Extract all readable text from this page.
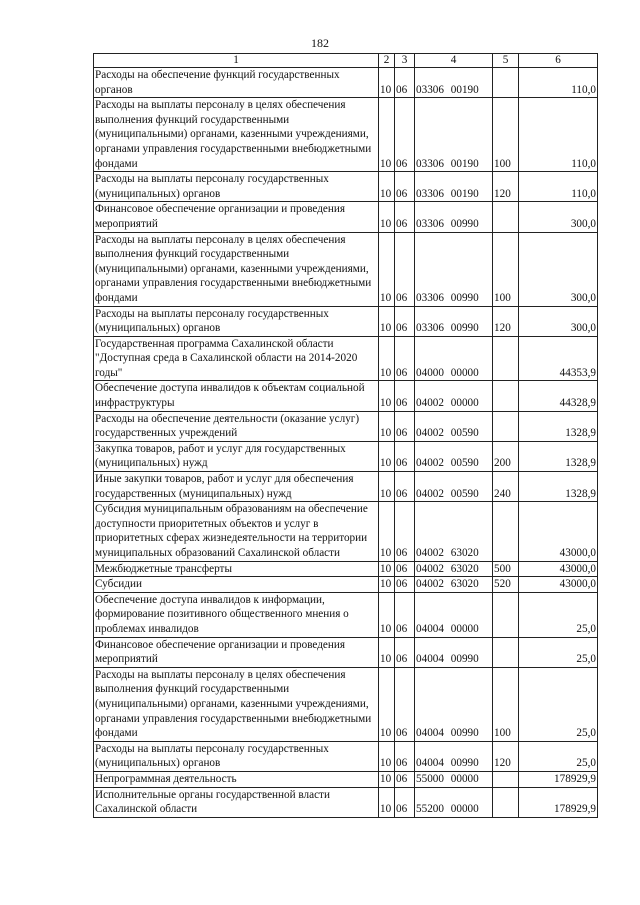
182
1	2	3	4	5	6
Расходы на обеспечение функций государственных органов	10	06	03306 00190		110,0
Расходы на выплаты персоналу в целях обеспечения выполнения функций государственными (муниципальными) органами, казенными учреждениями, органами управления государственными внебюджетными фондами	10	06	03306 00190	100	110,0
Расходы на выплаты персоналу государственных (муниципальных) органов	10	06	03306 00190	120	110,0
Финансовое обеспечение организации и проведения мероприятий	10	06	03306 00990		300,0
Расходы на выплаты персоналу в целях обеспечения выполнения функций государственными (муниципальными) органами, казенными учреждениями, органами управления государственными внебюджетными фондами	10	06	03306 00990	100	300,0
Расходы на выплаты персоналу государственных (муниципальных) органов	10	06	03306 00990	120	300,0
Государственная программа Сахалинской области "Доступная среда в Сахалинской области на 2014-2020 годы"	10	06	04000 00000		44353,9
Обеспечение доступа инвалидов к объектам социальной инфраструктуры	10	06	04002 00000		44328,9
Расходы на обеспечение деятельности (оказание услуг) государственных учреждений	10	06	04002 00590		1328,9
Закупка товаров, работ и услуг для государственных (муниципальных) нужд	10	06	04002 00590	200	1328,9
Иные закупки товаров, работ и услуг для обеспечения государственных (муниципальных) нужд	10	06	04002 00590	240	1328,9
Субсидия муниципальным образованиям на обеспечение доступности приоритетных объектов и услуг в приоритетных сферах жизнедеятельности на территории муниципальных образований Сахалинской области	10	06	04002 63020		43000,0
Межбюджетные трансферты	10	06	04002 63020	500	43000,0
Субсидии	10	06	04002 63020	520	43000,0
Обеспечение доступа инвалидов к информации, формирование позитивного общественного мнения о проблемах инвалидов	10	06	04004 00000		25,0
Финансовое обеспечение организации и проведения мероприятий	10	06	04004 00990		25,0
Расходы на выплаты персоналу в целях обеспечения выполнения функций государственными (муниципальными) органами, казенными учреждениями, органами управления государственными внебюджетными фондами	10	06	04004 00990	100	25,0
Расходы на выплаты персоналу государственных (муниципальных) органов	10	06	04004 00990	120	25,0
Непрограммная деятельность	10	06	55000 00000		178929,9
Исполнительные органы государственной власти Сахалинской области	10	06	55200 00000		178929,9
